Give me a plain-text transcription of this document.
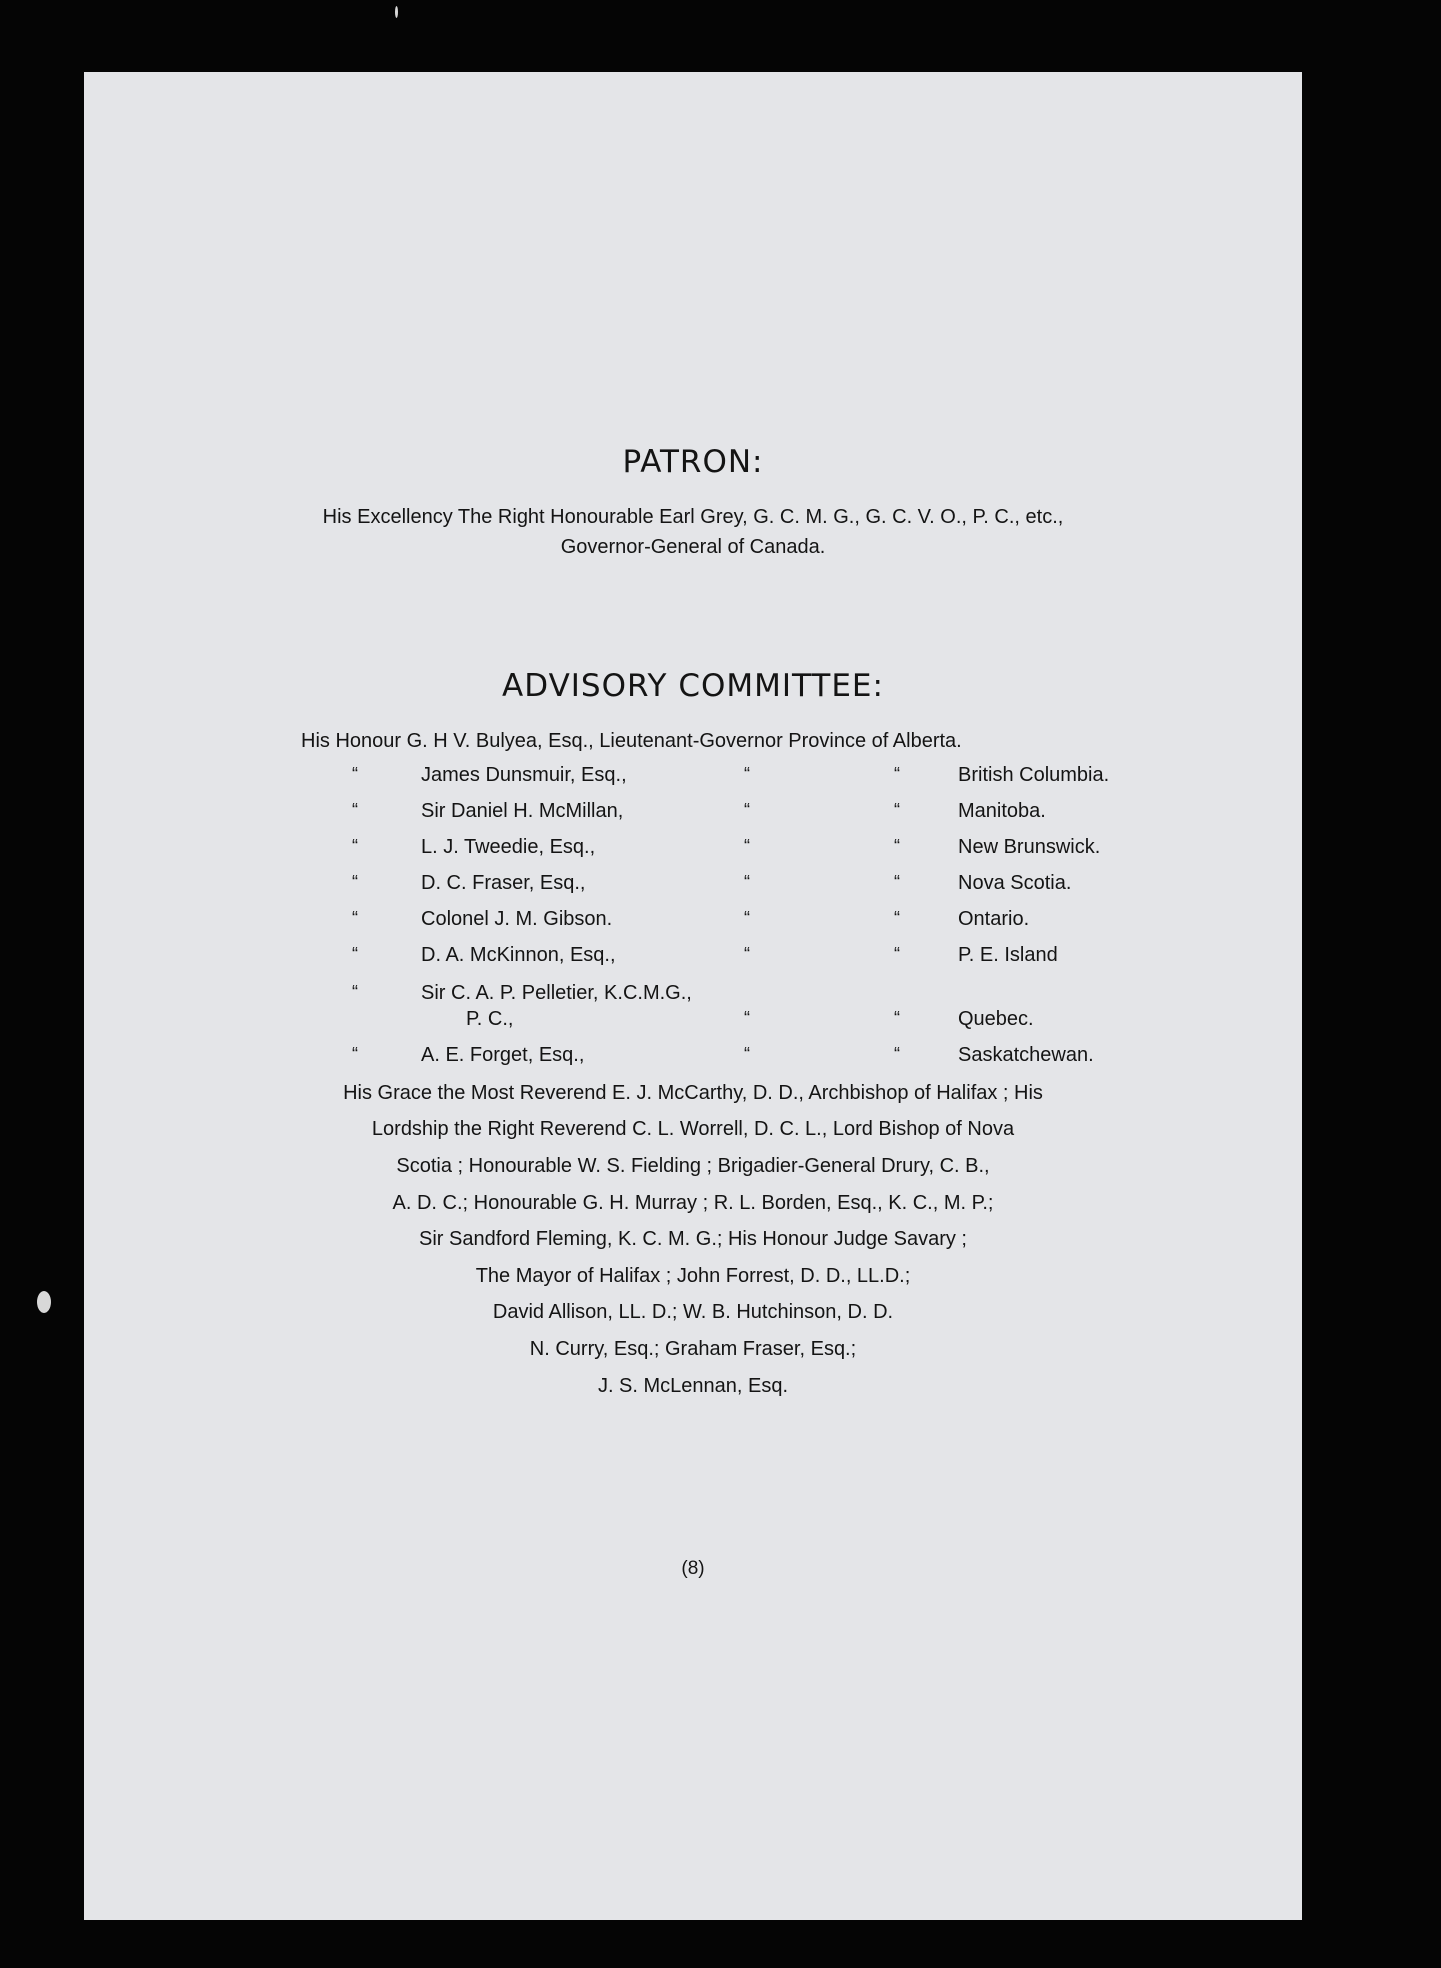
PATRON:

His Excellency The Right Honourable Earl Grey, G. C. M. G., G. C. V. O., P. C., etc.,

Governor-General of Canada.

ADVISORY COMMITTEE:

His Honour G. H V. Bulyea, Esq., Lieutenant-Governor Province of Alberta.

“	James Dunsmuir, Esq.,	“	“	British Columbia.
“	Sir Daniel H. McMillan,	“	“	Manitoba.
“	L. J. Tweedie, Esq.,	“	“	New Brunswick.
“	D. C. Fraser, Esq.,	“	“	Nova Scotia.
“	Colonel J. M. Gibson.	“	“	Ontario.
“	D. A. McKinnon, Esq.,	“	“	P. E. Island
“	Sir C. A. P. Pelletier, K.C.M.G.,
P. C.,	“	“	Quebec.
“	A. E. Forget, Esq.,	“	“	Saskatchewan.

His Grace the Most Reverend E. J. McCarthy, D. D., Archbishop of Halifax ; His

Lordship the Right Reverend C. L. Worrell, D. C. L., Lord Bishop of Nova

Scotia ; Honourable W. S. Fielding ; Brigadier-General Drury, C. B.,

A. D. C.; Honourable G. H. Murray ; R. L. Borden, Esq., K. C., M. P.;

Sir Sandford Fleming, K. C. M. G.; His Honour Judge Savary ;

The Mayor of Halifax ; John Forrest, D. D., LL.D.;

David Allison, LL. D.; W. B. Hutchinson, D. D.

N. Curry, Esq.; Graham Fraser, Esq.;

J. S. McLennan, Esq.

(8)
